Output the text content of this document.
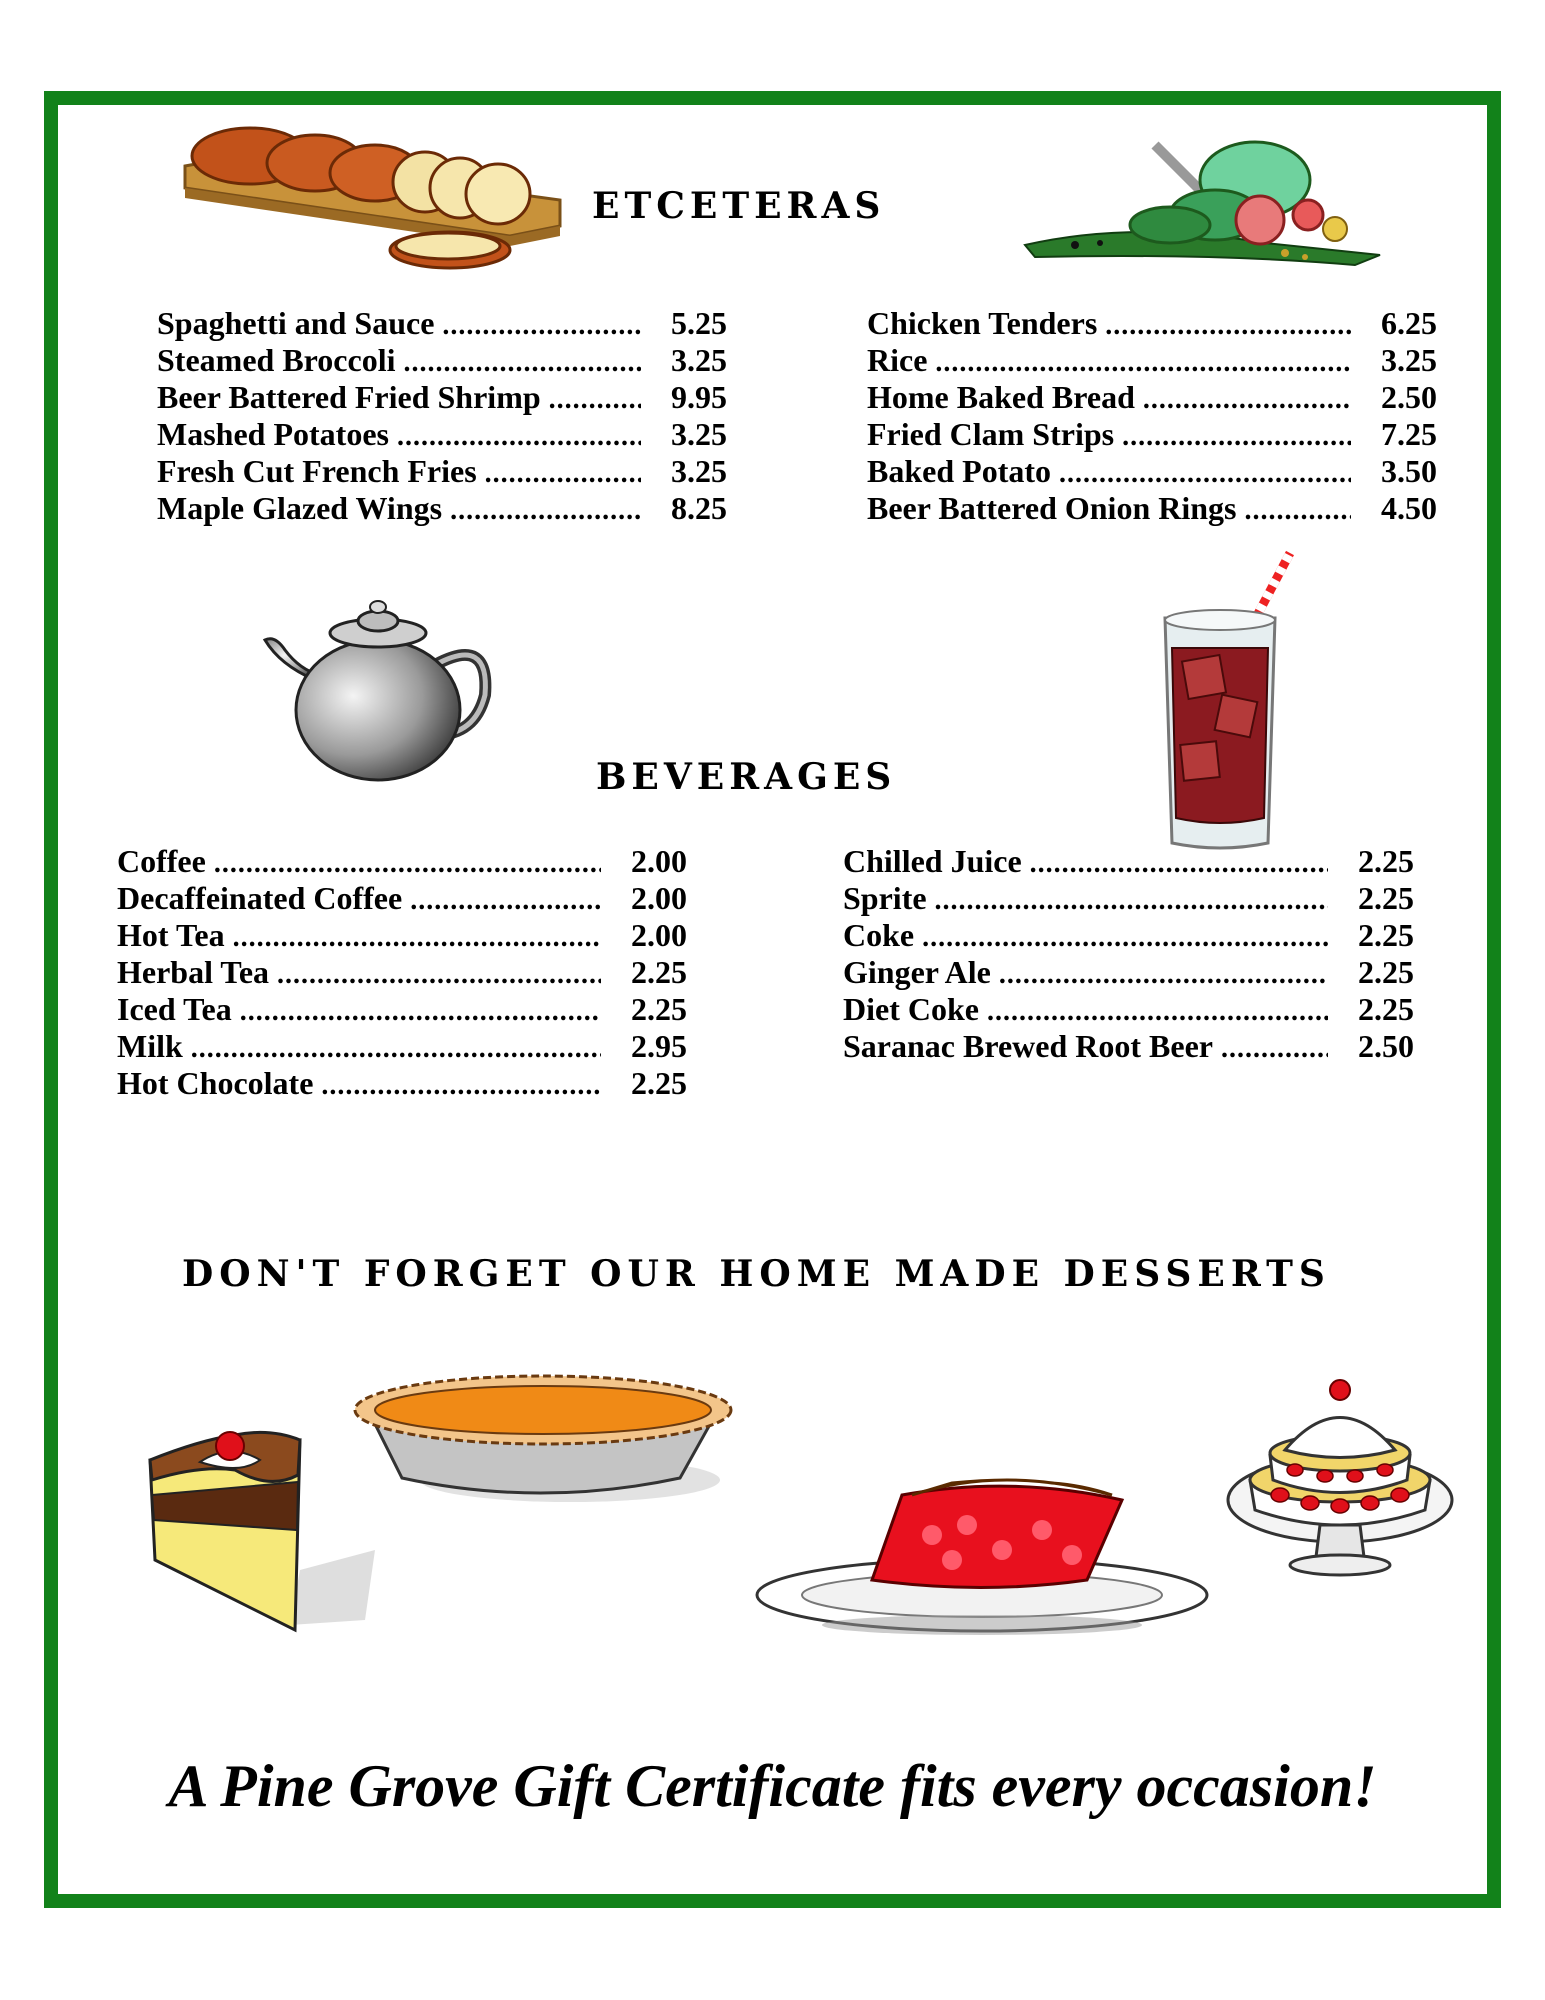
ETCETERAS
Spaghetti and Sauce .....	5.25
Steamed Broccoli .....	3.25
Beer Battered Fried Shrimp .....	9.95
Mashed Potatoes .....	3.25
Fresh Cut French Fries .....	3.25
Maple Glazed Wings .....	8.25
Chicken Tenders .....	6.25
Rice .....	3.25
Home Baked Bread .....	2.50
Fried Clam Strips .....	7.25
Baked Potato .....	3.50
Beer Battered Onion Rings .....	4.50
BEVERAGES
Coffee .....	2.00
Decaffeinated Coffee .....	2.00
Hot Tea .....	2.00
Herbal Tea .....	2.25
Iced Tea .....	2.25
Milk .....	2.95
Hot Chocolate .....	2.25
Chilled Juice .....	2.25
Sprite .....	2.25
Coke .....	2.25
Ginger Ale .....	2.25
Diet Coke .....	2.25
Saranac Brewed Root Beer .....	2.50
DON'T FORGET OUR HOME MADE DESSERTS
A Pine Grove Gift Certificate fits every occasion!
